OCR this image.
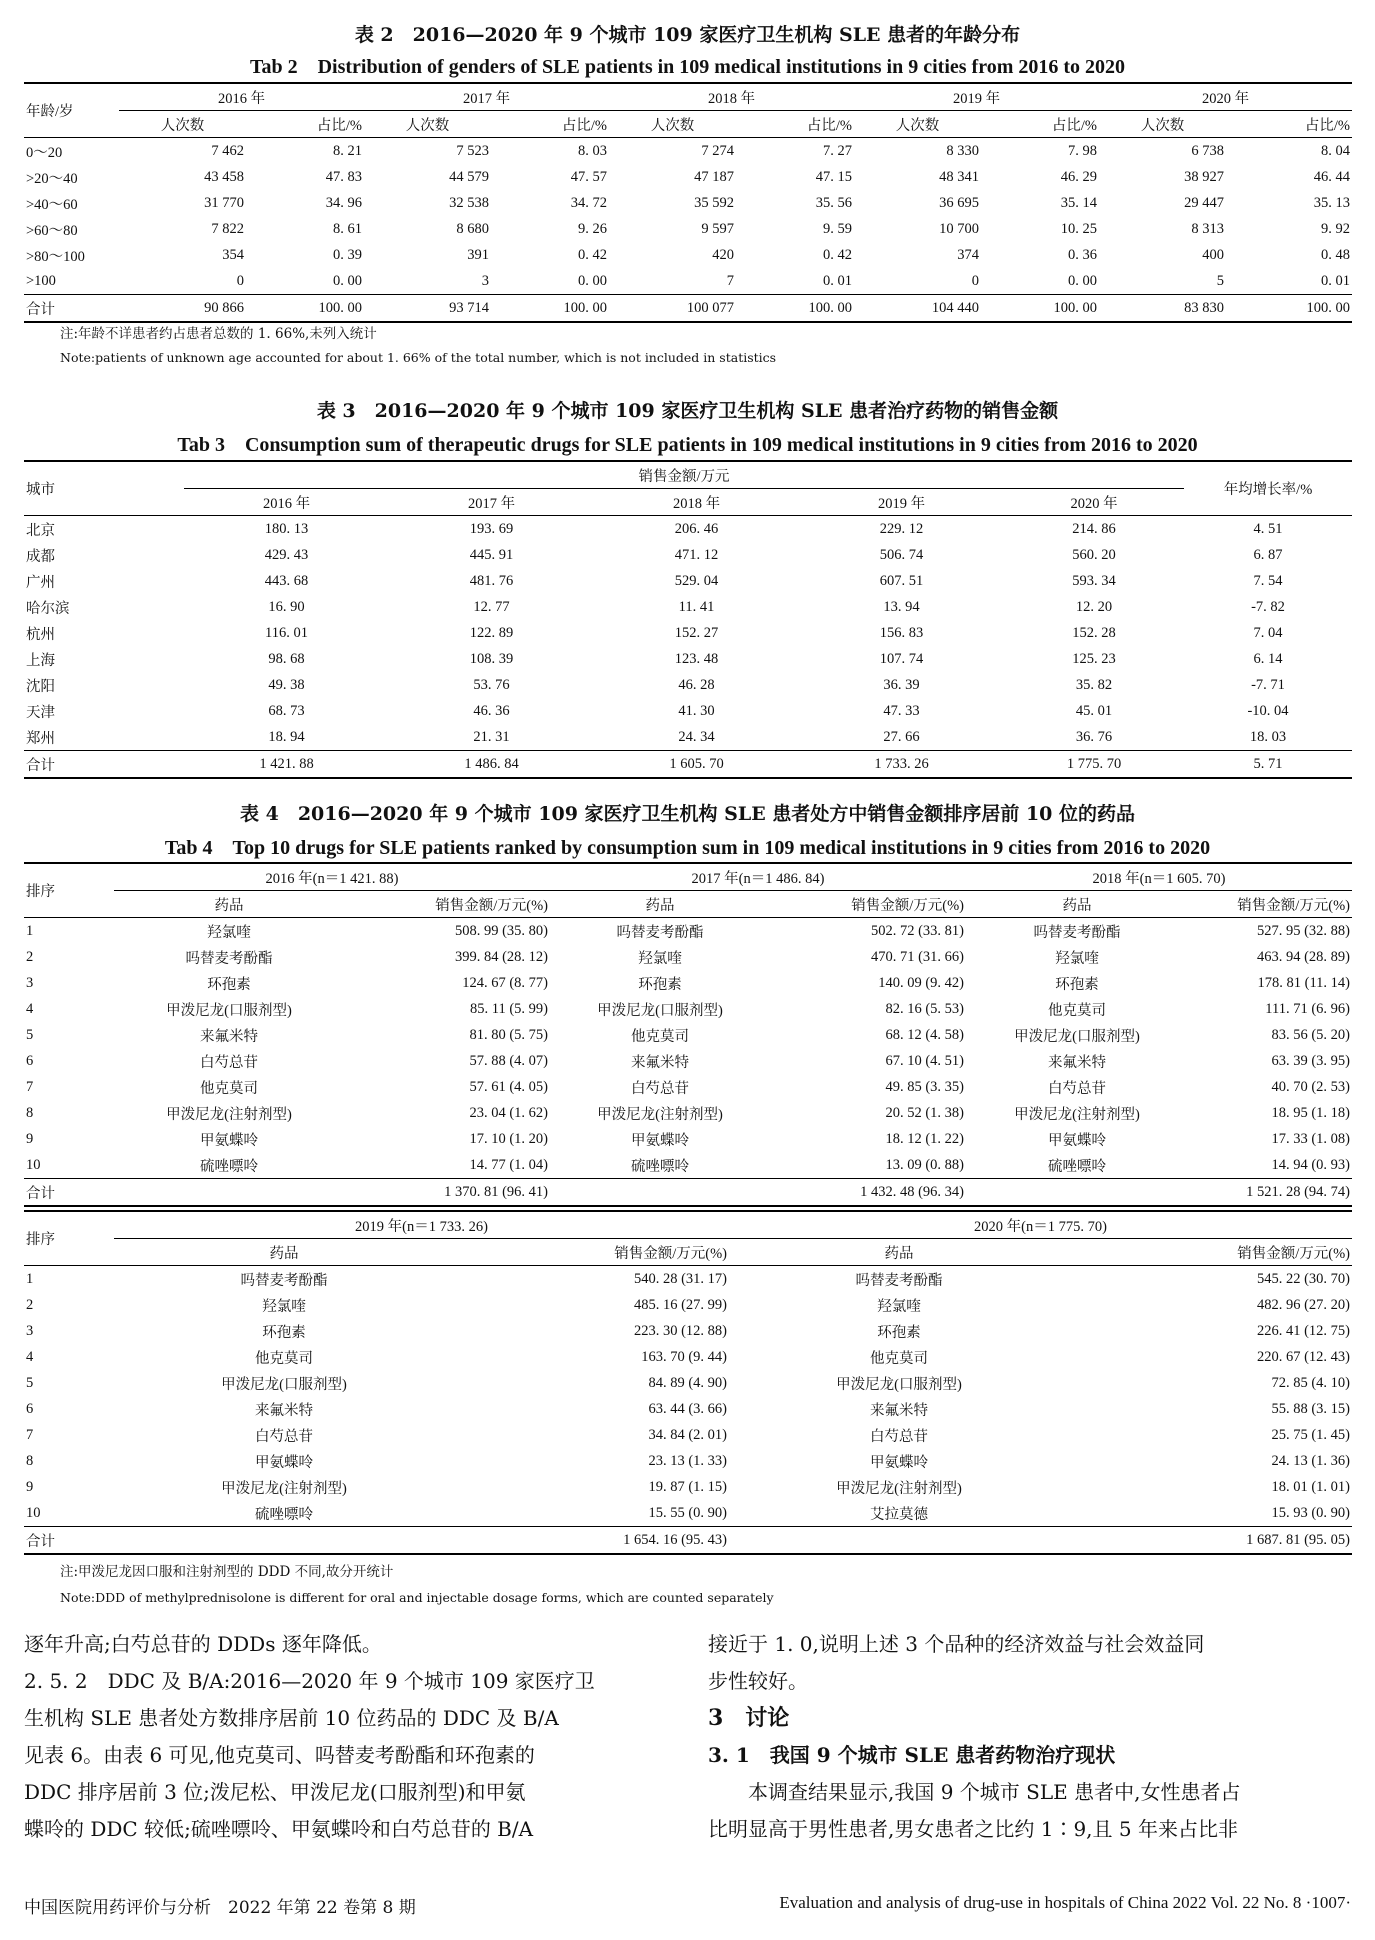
表 2　2016—2020 年 9 个城市 109 家医疗卫生机构 SLE 患者的年龄分布
Tab 2　Distribution of genders of SLE patients in 109 medical institutions in 9 cities from 2016 to 2020
年龄/岁	2016 年		2017 年		2018 年		2019 年		2020 年	
	人次数	占比/%	人次数	占比/%	人次数	占比/%	人次数	占比/%	人次数	占比/%
0～20	7 462	8. 21	7 523	8. 03	7 274	7. 27	8 330	7. 98	6 738	8. 04
>20～40	43 458	47. 83	44 579	47. 57	47 187	47. 15	48 341	46. 29	38 927	46. 44
>40～60	31 770	34. 96	32 538	34. 72	35 592	35. 56	36 695	35. 14	29 447	35. 13
>60～80	7 822	8. 61	8 680	9. 26	9 597	9. 59	10 700	10. 25	8 313	9. 92
>80～100	354	0. 39	391	0. 42	420	0. 42	374	0. 36	400	0. 48
>100	0	0. 00	3	0. 00	7	0. 01	0	0. 00	5	0. 01
合计	90 866	100. 00	93 714	100. 00	100 077	100. 00	104 440	100. 00	83 830	100. 00
注:年龄不详患者约占患者总数的 1. 66%,未列入统计
Note:patients of unknown age accounted for about 1. 66% of the total number, which is not included in statistics
表 3　2016—2020 年 9 个城市 109 家医疗卫生机构 SLE 患者治疗药物的销售金额
Tab 3　Consumption sum of therapeutic drugs for SLE patients in 109 medical institutions in 9 cities from 2016 to 2020
城市	销售金额/万元					年均增长率/%
	2016 年	2017 年	2018 年	2019 年	2020 年	
北京	180. 13	193. 69	206. 46	229. 12	214. 86	4. 51
成都	429. 43	445. 91	471. 12	506. 74	560. 20	6. 87
广州	443. 68	481. 76	529. 04	607. 51	593. 34	7. 54
哈尔滨	16. 90	12. 77	11. 41	13. 94	12. 20	-7. 82
杭州	116. 01	122. 89	152. 27	156. 83	152. 28	7. 04
上海	98. 68	108. 39	123. 48	107. 74	125. 23	6. 14
沈阳	49. 38	53. 76	46. 28	36. 39	35. 82	-7. 71
天津	68. 73	46. 36	41. 30	47. 33	45. 01	-10. 04
郑州	18. 94	21. 31	24. 34	27. 66	36. 76	18. 03
合计	1 421. 88	1 486. 84	1 605. 70	1 733. 26	1 775. 70	5. 71
表 4　2016—2020 年 9 个城市 109 家医疗卫生机构 SLE 患者处方中销售金额排序居前 10 位的药品
Tab 4　Top 10 drugs for SLE patients ranked by consumption sum in 109 medical institutions in 9 cities from 2016 to 2020
排序	2016 年(n＝1 421. 88)		2017 年(n＝1 486. 84)		2018 年(n＝1 605. 70)	
	药品	销售金额/万元(%)	药品	销售金额/万元(%)	药品	销售金额/万元(%)
1	羟氯喹	508. 99 (35. 80)	吗替麦考酚酯	502. 72 (33. 81)	吗替麦考酚酯	527. 95 (32. 88)
2	吗替麦考酚酯	399. 84 (28. 12)	羟氯喹	470. 71 (31. 66)	羟氯喹	463. 94 (28. 89)
3	环孢素	124. 67 (8. 77)	环孢素	140. 09 (9. 42)	环孢素	178. 81 (11. 14)
4	甲泼尼龙(口服剂型)	85. 11 (5. 99)	甲泼尼龙(口服剂型)	82. 16 (5. 53)	他克莫司	111. 71 (6. 96)
5	来氟米特	81. 80 (5. 75)	他克莫司	68. 12 (4. 58)	甲泼尼龙(口服剂型)	83. 56 (5. 20)
6	白芍总苷	57. 88 (4. 07)	来氟米特	67. 10 (4. 51)	来氟米特	63. 39 (3. 95)
7	他克莫司	57. 61 (4. 05)	白芍总苷	49. 85 (3. 35)	白芍总苷	40. 70 (2. 53)
8	甲泼尼龙(注射剂型)	23. 04 (1. 62)	甲泼尼龙(注射剂型)	20. 52 (1. 38)	甲泼尼龙(注射剂型)	18. 95 (1. 18)
9	甲氨蝶呤	17. 10 (1. 20)	甲氨蝶呤	18. 12 (1. 22)	甲氨蝶呤	17. 33 (1. 08)
10	硫唑嘌呤	14. 77 (1. 04)	硫唑嘌呤	13. 09 (0. 88)	硫唑嘌呤	14. 94 (0. 93)
合计		1 370. 81 (96. 41)		1 432. 48 (96. 34)		1 521. 28 (94. 74)
排序	2019 年(n＝1 733. 26)		2020 年(n＝1 775. 70)	
	药品	销售金额/万元(%)	药品	销售金额/万元(%)
1	吗替麦考酚酯	540. 28 (31. 17)	吗替麦考酚酯	545. 22 (30. 70)
2	羟氯喹	485. 16 (27. 99)	羟氯喹	482. 96 (27. 20)
3	环孢素	223. 30 (12. 88)	环孢素	226. 41 (12. 75)
4	他克莫司	163. 70 (9. 44)	他克莫司	220. 67 (12. 43)
5	甲泼尼龙(口服剂型)	84. 89 (4. 90)	甲泼尼龙(口服剂型)	72. 85 (4. 10)
6	来氟米特	63. 44 (3. 66)	来氟米特	55. 88 (3. 15)
7	白芍总苷	34. 84 (2. 01)	白芍总苷	25. 75 (1. 45)
8	甲氨蝶呤	23. 13 (1. 33)	甲氨蝶呤	24. 13 (1. 36)
9	甲泼尼龙(注射剂型)	19. 87 (1. 15)	甲泼尼龙(注射剂型)	18. 01 (1. 01)
10	硫唑嘌呤	15. 55 (0. 90)	艾拉莫德	15. 93 (0. 90)
合计		1 654. 16 (95. 43)		1 687. 81 (95. 05)
注:甲泼尼龙因口服和注射剂型的 DDD 不同,故分开统计
Note:DDD of methylprednisolone is different for oral and injectable dosage forms, which are counted separately
逐年升高;白芍总苷的 DDDs 逐年降低。
2. 5. 2　DDC 及 B/A:2016—2020 年 9 个城市 109 家医疗卫
生机构 SLE 患者处方数排序居前 10 位药品的 DDC 及 B/A
见表 6。由表 6 可见,他克莫司、吗替麦考酚酯和环孢素的
DDC 排序居前 3 位;泼尼松、甲泼尼龙(口服剂型)和甲氨
蝶呤的 DDC 较低;硫唑嘌呤、甲氨蝶呤和白芍总苷的 B/A
接近于 1. 0,说明上述 3 个品种的经济效益与社会效益同
步性较好。
3　讨论
3. 1　我国 9 个城市 SLE 患者药物治疗现状
　　本调查结果显示,我国 9 个城市 SLE 患者中,女性患者占
比明显高于男性患者,男女患者之比约 1∶9,且 5 年来占比非
中国医院用药评价与分析　2022 年第 22 卷第 8 期	Evaluation and analysis of drug-use in hospitals of China 2022 Vol. 22 No. 8 ·1007·
